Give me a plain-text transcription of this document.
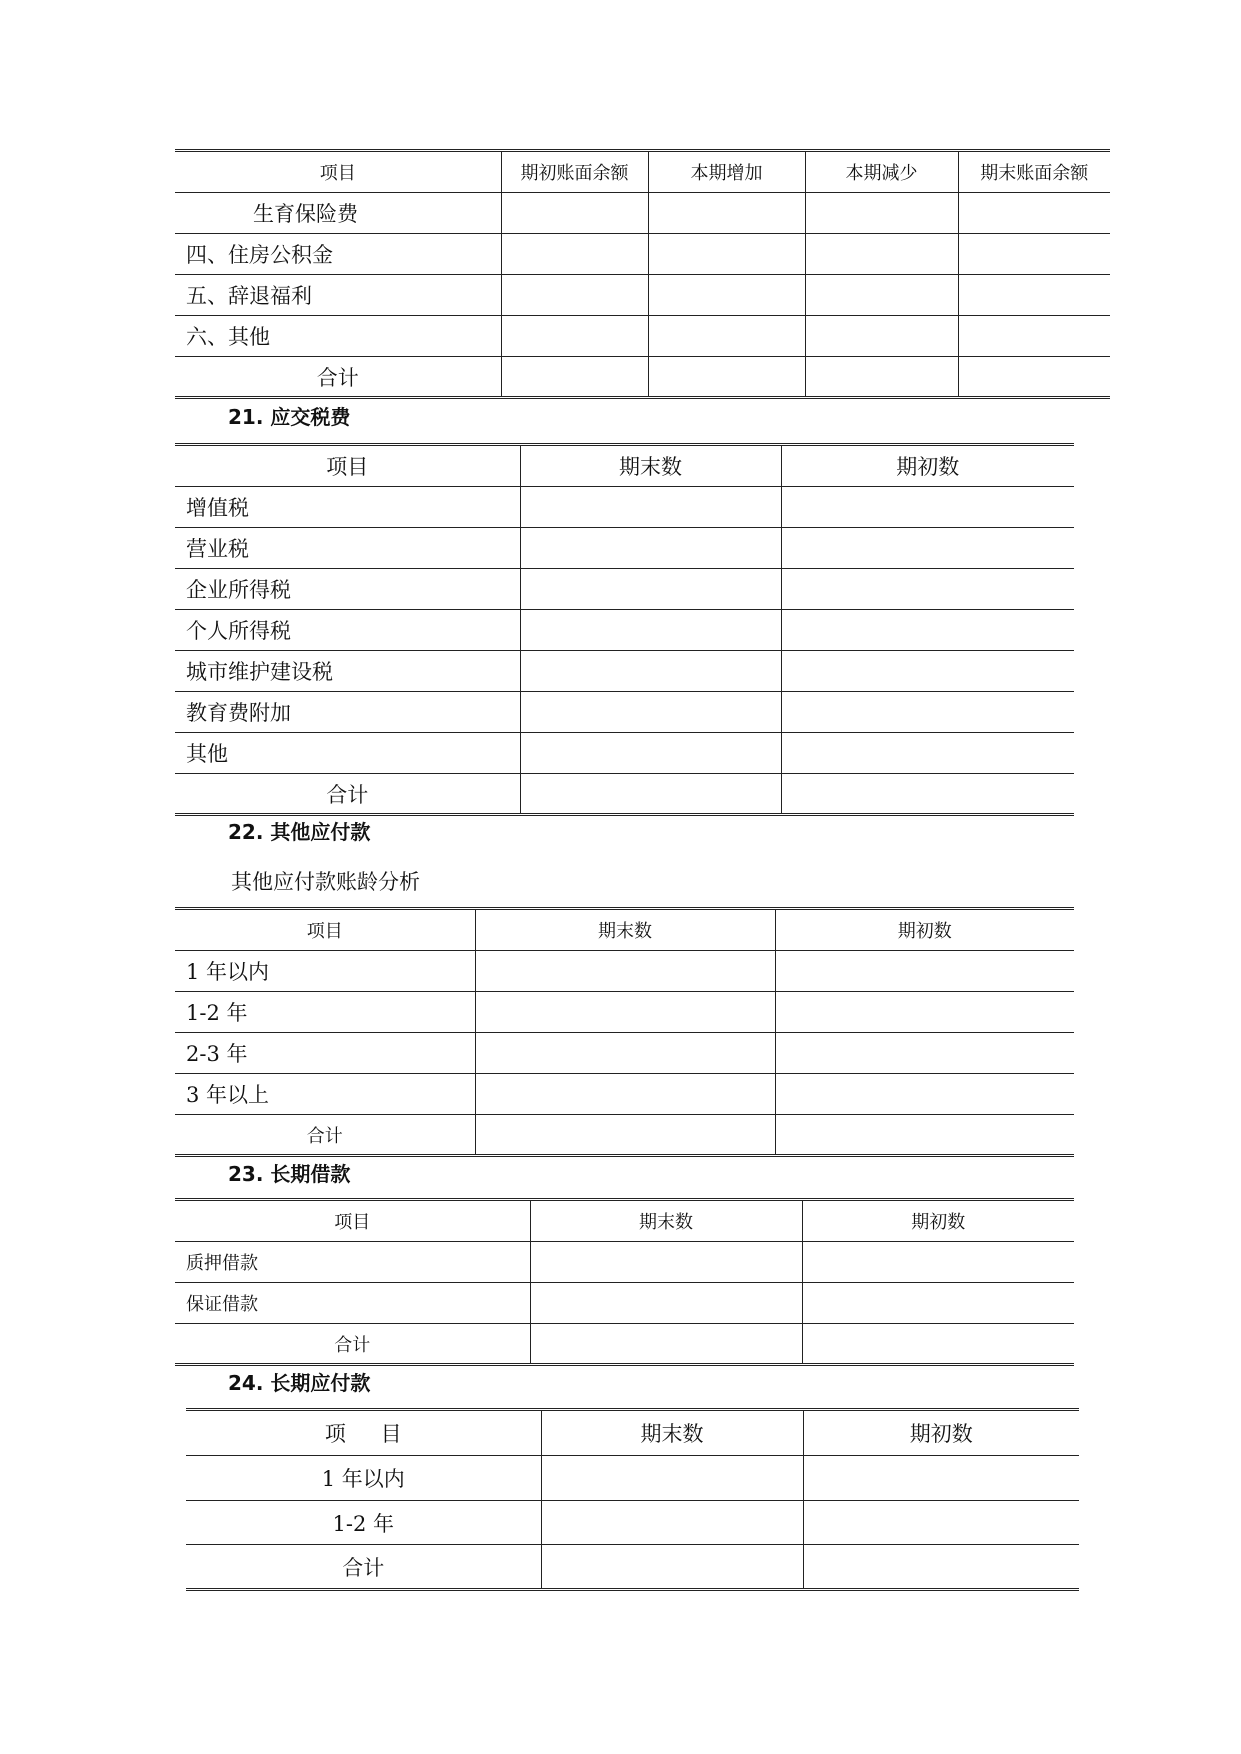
项目	期初账面余额	本期增加	本期减少	期末账面余额
生育保险费				
四、住房公积金				
五、辞退福利				
六、其他				
合计				
21. 应交税费
项目	期末数	期初数
增值税		
营业税		
企业所得税		
个人所得税		
城市维护建设税		
教育费附加		
其他		
合计		
22. 其他应付款
其他应付款账龄分析
项目	期末数	期初数
1 年以内		
1-2 年		
2-3 年		
3 年以上		
合计		
23. 长期借款
项目	期末数	期初数
质押借款		
保证借款		
合计		
24. 长期应付款
项 目	期末数	期初数
1 年以内		
1-2 年		
合计		
